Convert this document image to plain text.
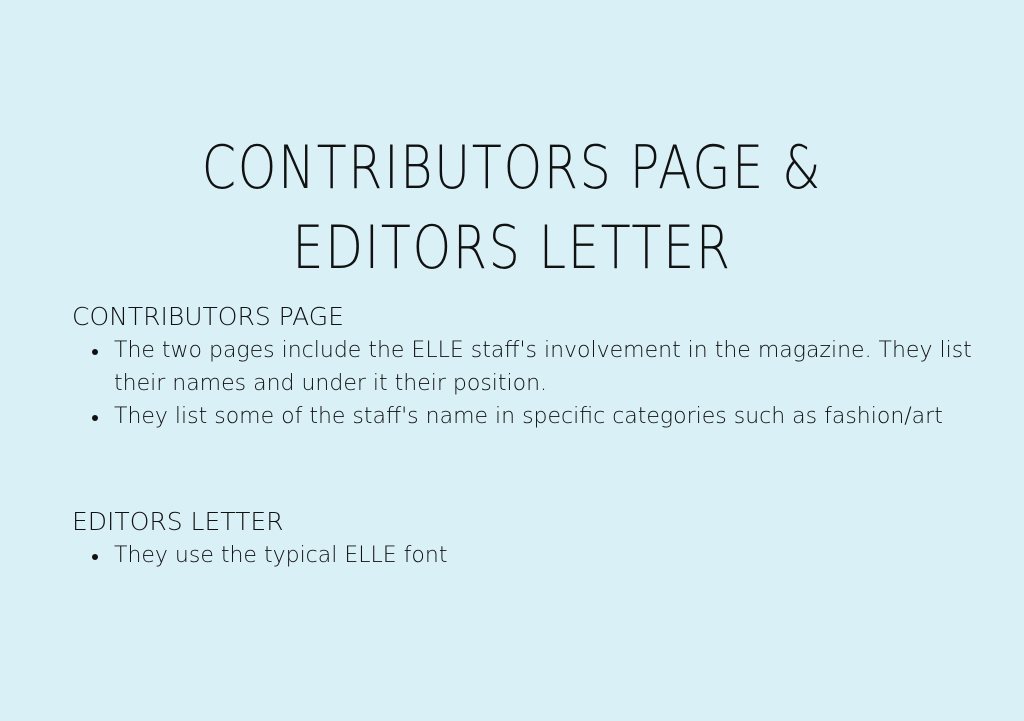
CONTRIBUTORS PAGE &
EDITORS LETTER
CONTRIBUTORS PAGE
The two pages include the ELLE staff's involvement in the magazine. They list their names and under it their position.
They list some of the staff's name in specific categories such as fashion/art
EDITORS LETTER
They use the typical ELLE font
